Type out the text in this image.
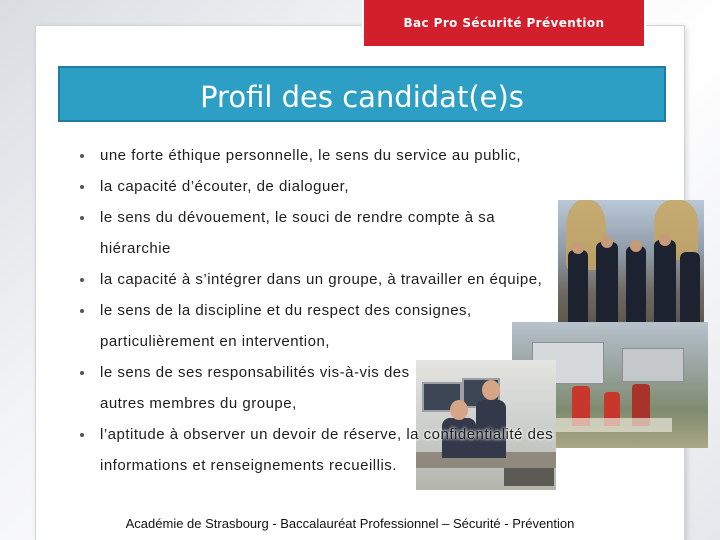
Bac Pro Sécurité Prévention
Profil des candidat(e)s
une forte éthique personnelle, le sens du service au public,
la capacité d’écouter, de dialoguer,
le sens du dévouement, le souci de rendre compte à sa hiérarchie
la capacité à s’intégrer dans un groupe, à travailler en équipe,
le sens de la discipline et du respect des consignes, particulièrement en intervention,
le sens de ses responsabilités vis-à-vis des autres membres du groupe,
l’aptitude à observer un devoir de réserve, la confidentialité des informations et renseignements recueillis.
Académie de Strasbourg - Baccalauréat Professionnel – Sécurité - Prévention
